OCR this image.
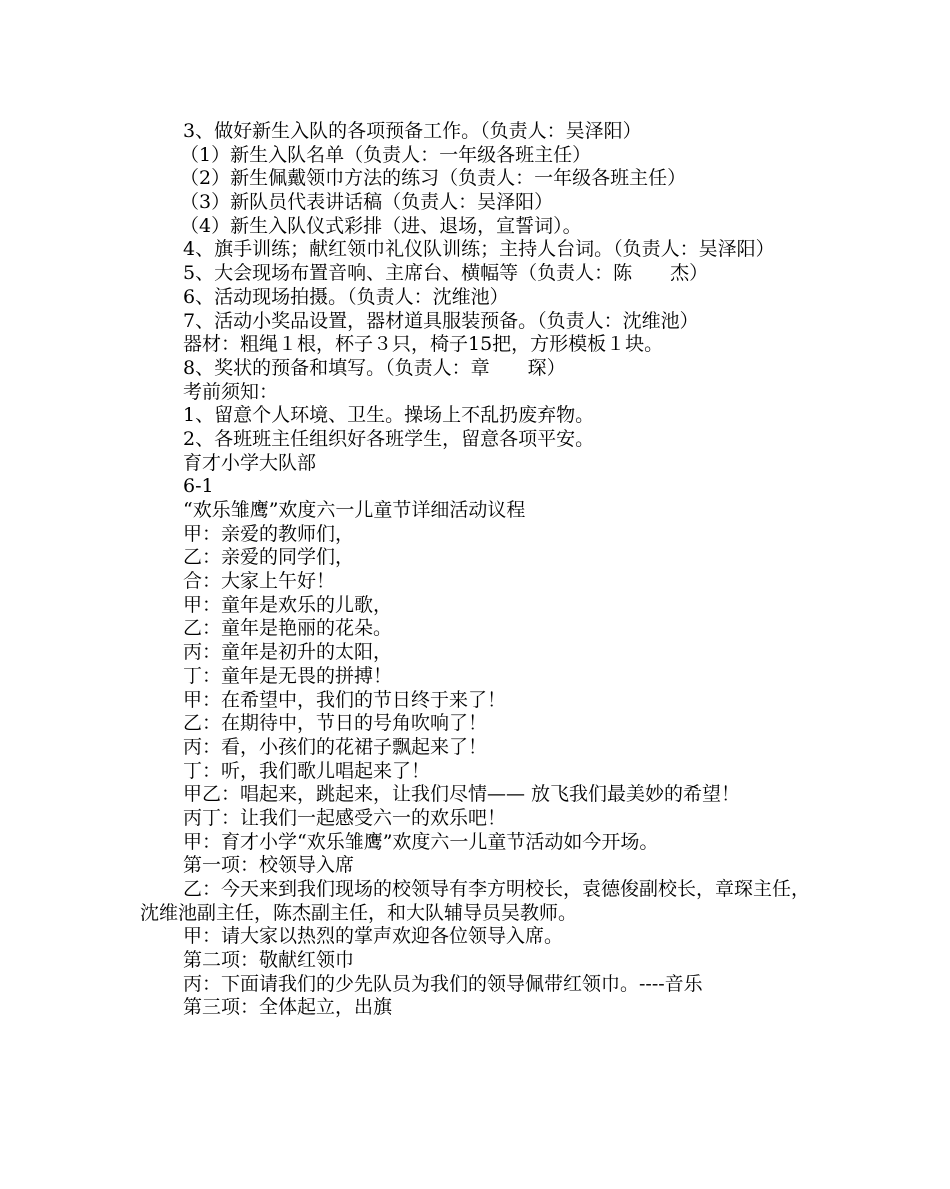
3、做好新生入队的各项预备工作。（负责人：吴泽阳）
（1）新生入队名单（负责人：一年级各班主任）
（2）新生佩戴领巾方法的练习（负责人：一年级各班主任）
（3）新队员代表讲话稿（负责人：吴泽阳）
（4）新生入队仪式彩排（进、退场，宣誓词）。
4、旗手训练；献红领巾礼仪队训练；主持人台词。（负责人：吴泽阳）
5、大会现场布置音响、主席台、横幅等（负责人：陈　　杰）
6、活动现场拍摄。（负责人：沈维池）
7、活动小奖品设置，器材道具服装预备。（负责人：沈维池）
器材：粗绳１根，杯子３只，椅子15把，方形模板１块。
8、奖状的预备和填写。（负责人：章　　琛）
考前须知：
1、留意个人环境、卫生。操场上不乱扔废弃物。
2、各班班主任组织好各班学生，留意各项平安。
育才小学大队部
6-1
“欢乐雏鹰”欢度六一儿童节详细活动议程
甲：亲爱的教师们，
乙：亲爱的同学们，
合：大家上午好！
甲：童年是欢乐的儿歌，
乙：童年是艳丽的花朵。
丙：童年是初升的太阳，
丁：童年是无畏的拼搏！
甲：在希望中，我们的节日终于来了！
乙：在期待中，节日的号角吹响了！
丙：看，小孩们的花裙子飘起来了！
丁：听，我们歌儿唱起来了！
甲乙：唱起来，跳起来，让我们尽情—— 放飞我们最美妙的希望！
丙丁：让我们一起感受六一的欢乐吧！
甲：育才小学“欢乐雏鹰”欢度六一儿童节活动如今开场。
第一项：校领导入席
乙：今天来到我们现场的校领导有李方明校长，袁德俊副校长，章琛主任，沈维池副主任，陈杰副主任，和大队辅导员吴教师。
甲：请大家以热烈的掌声欢迎各位领导入席。
第二项：敬献红领巾
丙：下面请我们的少先队员为我们的领导佩带红领巾。----音乐
第三项：全体起立，出旗
